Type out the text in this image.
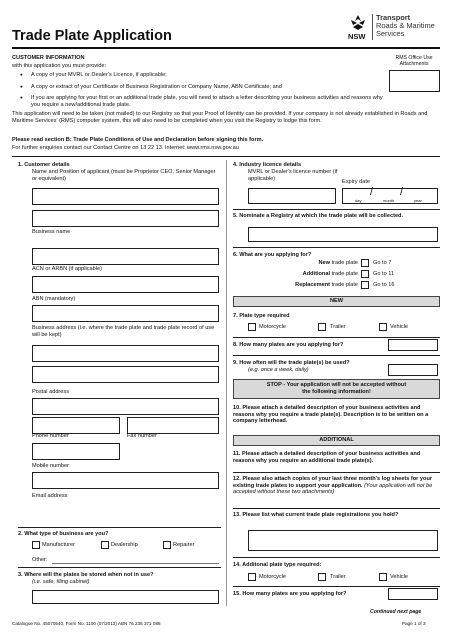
Trade Plate Application	NSW
Transport
Roads & Maritime
Services
CUSTOMER INFORMATION
with this application you must provide:
RMS Office Use Attachments
● A copy of your MVRL or Dealer's Licence, if applicable;
● A copy or extract of your Certificate of Business Registration or Company Name, ABN Certificate; and
● If you are applying for your first or an additional trade plate, you will need to attach a letter describing your business activities and reasons why you require a new/additional trade plate.
This application will need to be taken (not mailed) to our Registry so that your Proof of Identity can be provided. If your company is not already established in Roads and Maritime Services' (RMS) computer system, this will also need to be completed when you visit the Registry to lodge this form.
Please read section B: Trade Plate Conditions of Use and Declaration before signing this form.
For further enquiries contact our Contact Centre on 13 22 13. Internet: www.rms.nsw.gov.au
1. Customer details
Name and Position of applicant (must be Proprietor CEO, Senior Manager or equivalent)
Business name
ACN or ARBN (if applicable)
ABN (mandatory)
Business address (i.e. where the trade plate and trade plate record of use will be kept)
Postal address
Phone number	Fax number
Mobile number
Email address
2. What type of business are you?
Manufacturer	Dealership	Repairer
Other:
3. Where will the plates be stored when not in use?
(i.e. safe, filing cabinet)
4. Industry licence details
MVRL or Dealer's licence number (if applicable)
Expiry date
/ /
day	month	year
5. Nominate a Registry at which the trade plate will be collected.
6. What are you applying for?
New trade plate	Go to 7
Additional trade plate	Go to 11
Replacement trade plate	Go to 16
NEW
7. Plate type required
Motorcycle	Trailer	Vehicle
8. How many plates are you applying for?
9. How often will the trade plate(s) be used?
(e.g. once a week, daily)
STOP - Your application will not be accepted without the following information!
10. Please attach a detailed description of your business activities and reasons why you require a trade plate(s). Description is to be written on a company letterhead.
ADDITIONAL
11. Please attach a detailed description of your business activities and reasons why you require an additional trade plate(s).
12. Please also attach copies of your last three month's log sheets for your existing trade plates to support your application. (Your application will not be accepted without these two attachments)
13. Please list what current trade plate registrations you hold?
14. Additonal plate type required:
Motorcycle	Trailer	Vehicle
15. How many plates are you applying for?
Continued next page
Catalogue No. 45070540, Form No. 1100 (07/2013) ABN 76 236 371 088	Page 1 of 3
